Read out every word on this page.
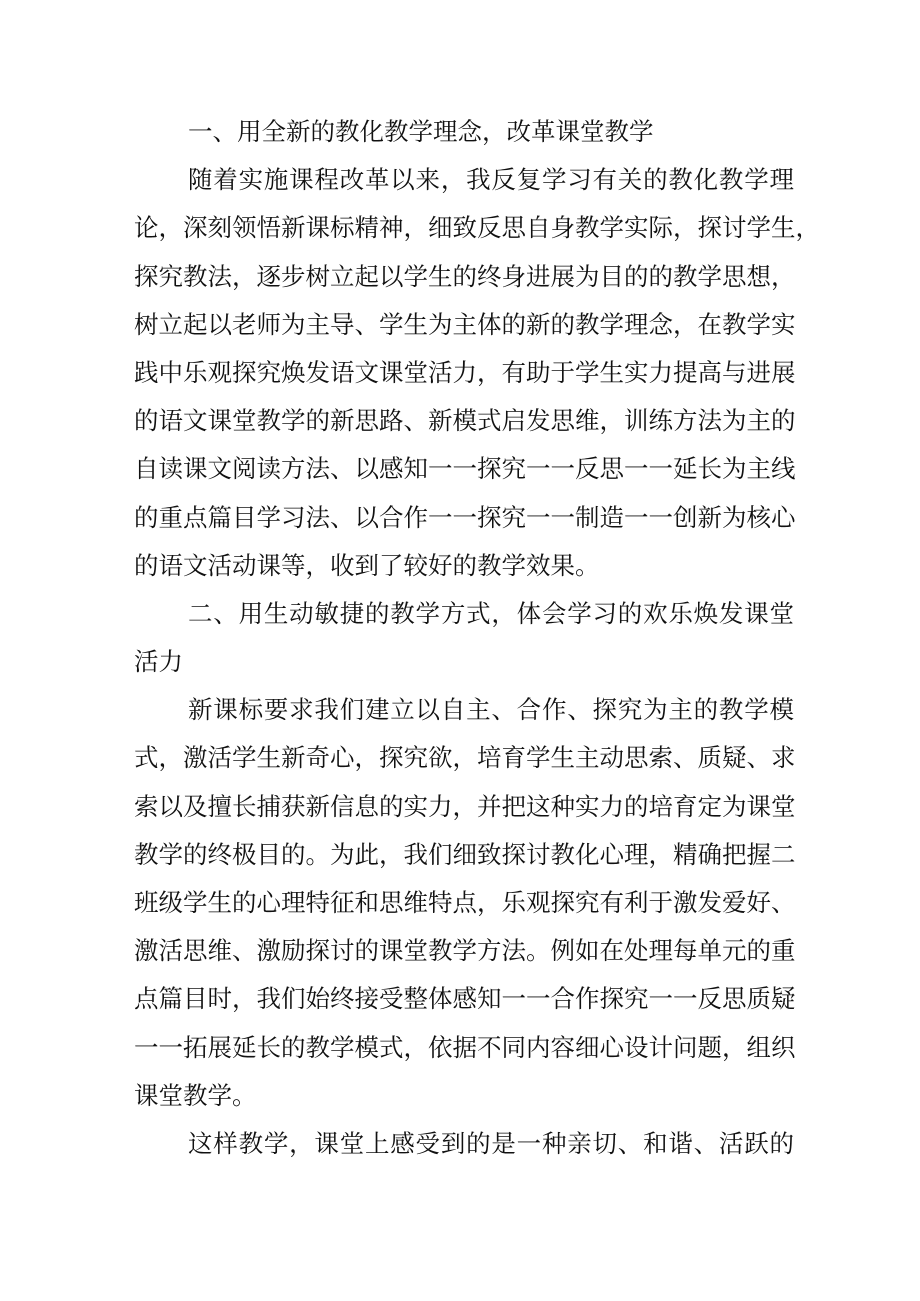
一、用全新的教化教学理念，改革课堂教学
随着实施课程改革以来，我反复学习有关的教化教学理
论，深刻领悟新课标精神，细致反思自身教学实际，探讨学生，
探究教法，逐步树立起以学生的终身进展为目的的教学思想，
树立起以老师为主导、学生为主体的新的教学理念，在教学实
践中乐观探究焕发语文课堂活力，有助于学生实力提高与进展
的语文课堂教学的新思路、新模式启发思维，训练方法为主的
自读课文阅读方法、以感知一一探究一一反思一一延长为主线
的重点篇目学习法、以合作一一探究一一制造一一创新为核心
的语文活动课等，收到了较好的教学效果。
二、用生动敏捷的教学方式，体会学习的欢乐焕发课堂
活力
新课标要求我们建立以自主、合作、探究为主的教学模
式，激活学生新奇心，探究欲，培育学生主动思索、质疑、求
索以及擅长捕获新信息的实力，并把这种实力的培育定为课堂
教学的终极目的。为此，我们细致探讨教化心理，精确把握二
班级学生的心理特征和思维特点，乐观探究有利于激发爱好、
激活思维、激励探讨的课堂教学方法。例如在处理每单元的重
点篇目时，我们始终接受整体感知一一合作探究一一反思质疑
一一拓展延长的教学模式，依据不同内容细心设计问题，组织
课堂教学。
这样教学，课堂上感受到的是一种亲切、和谐、活跃的
